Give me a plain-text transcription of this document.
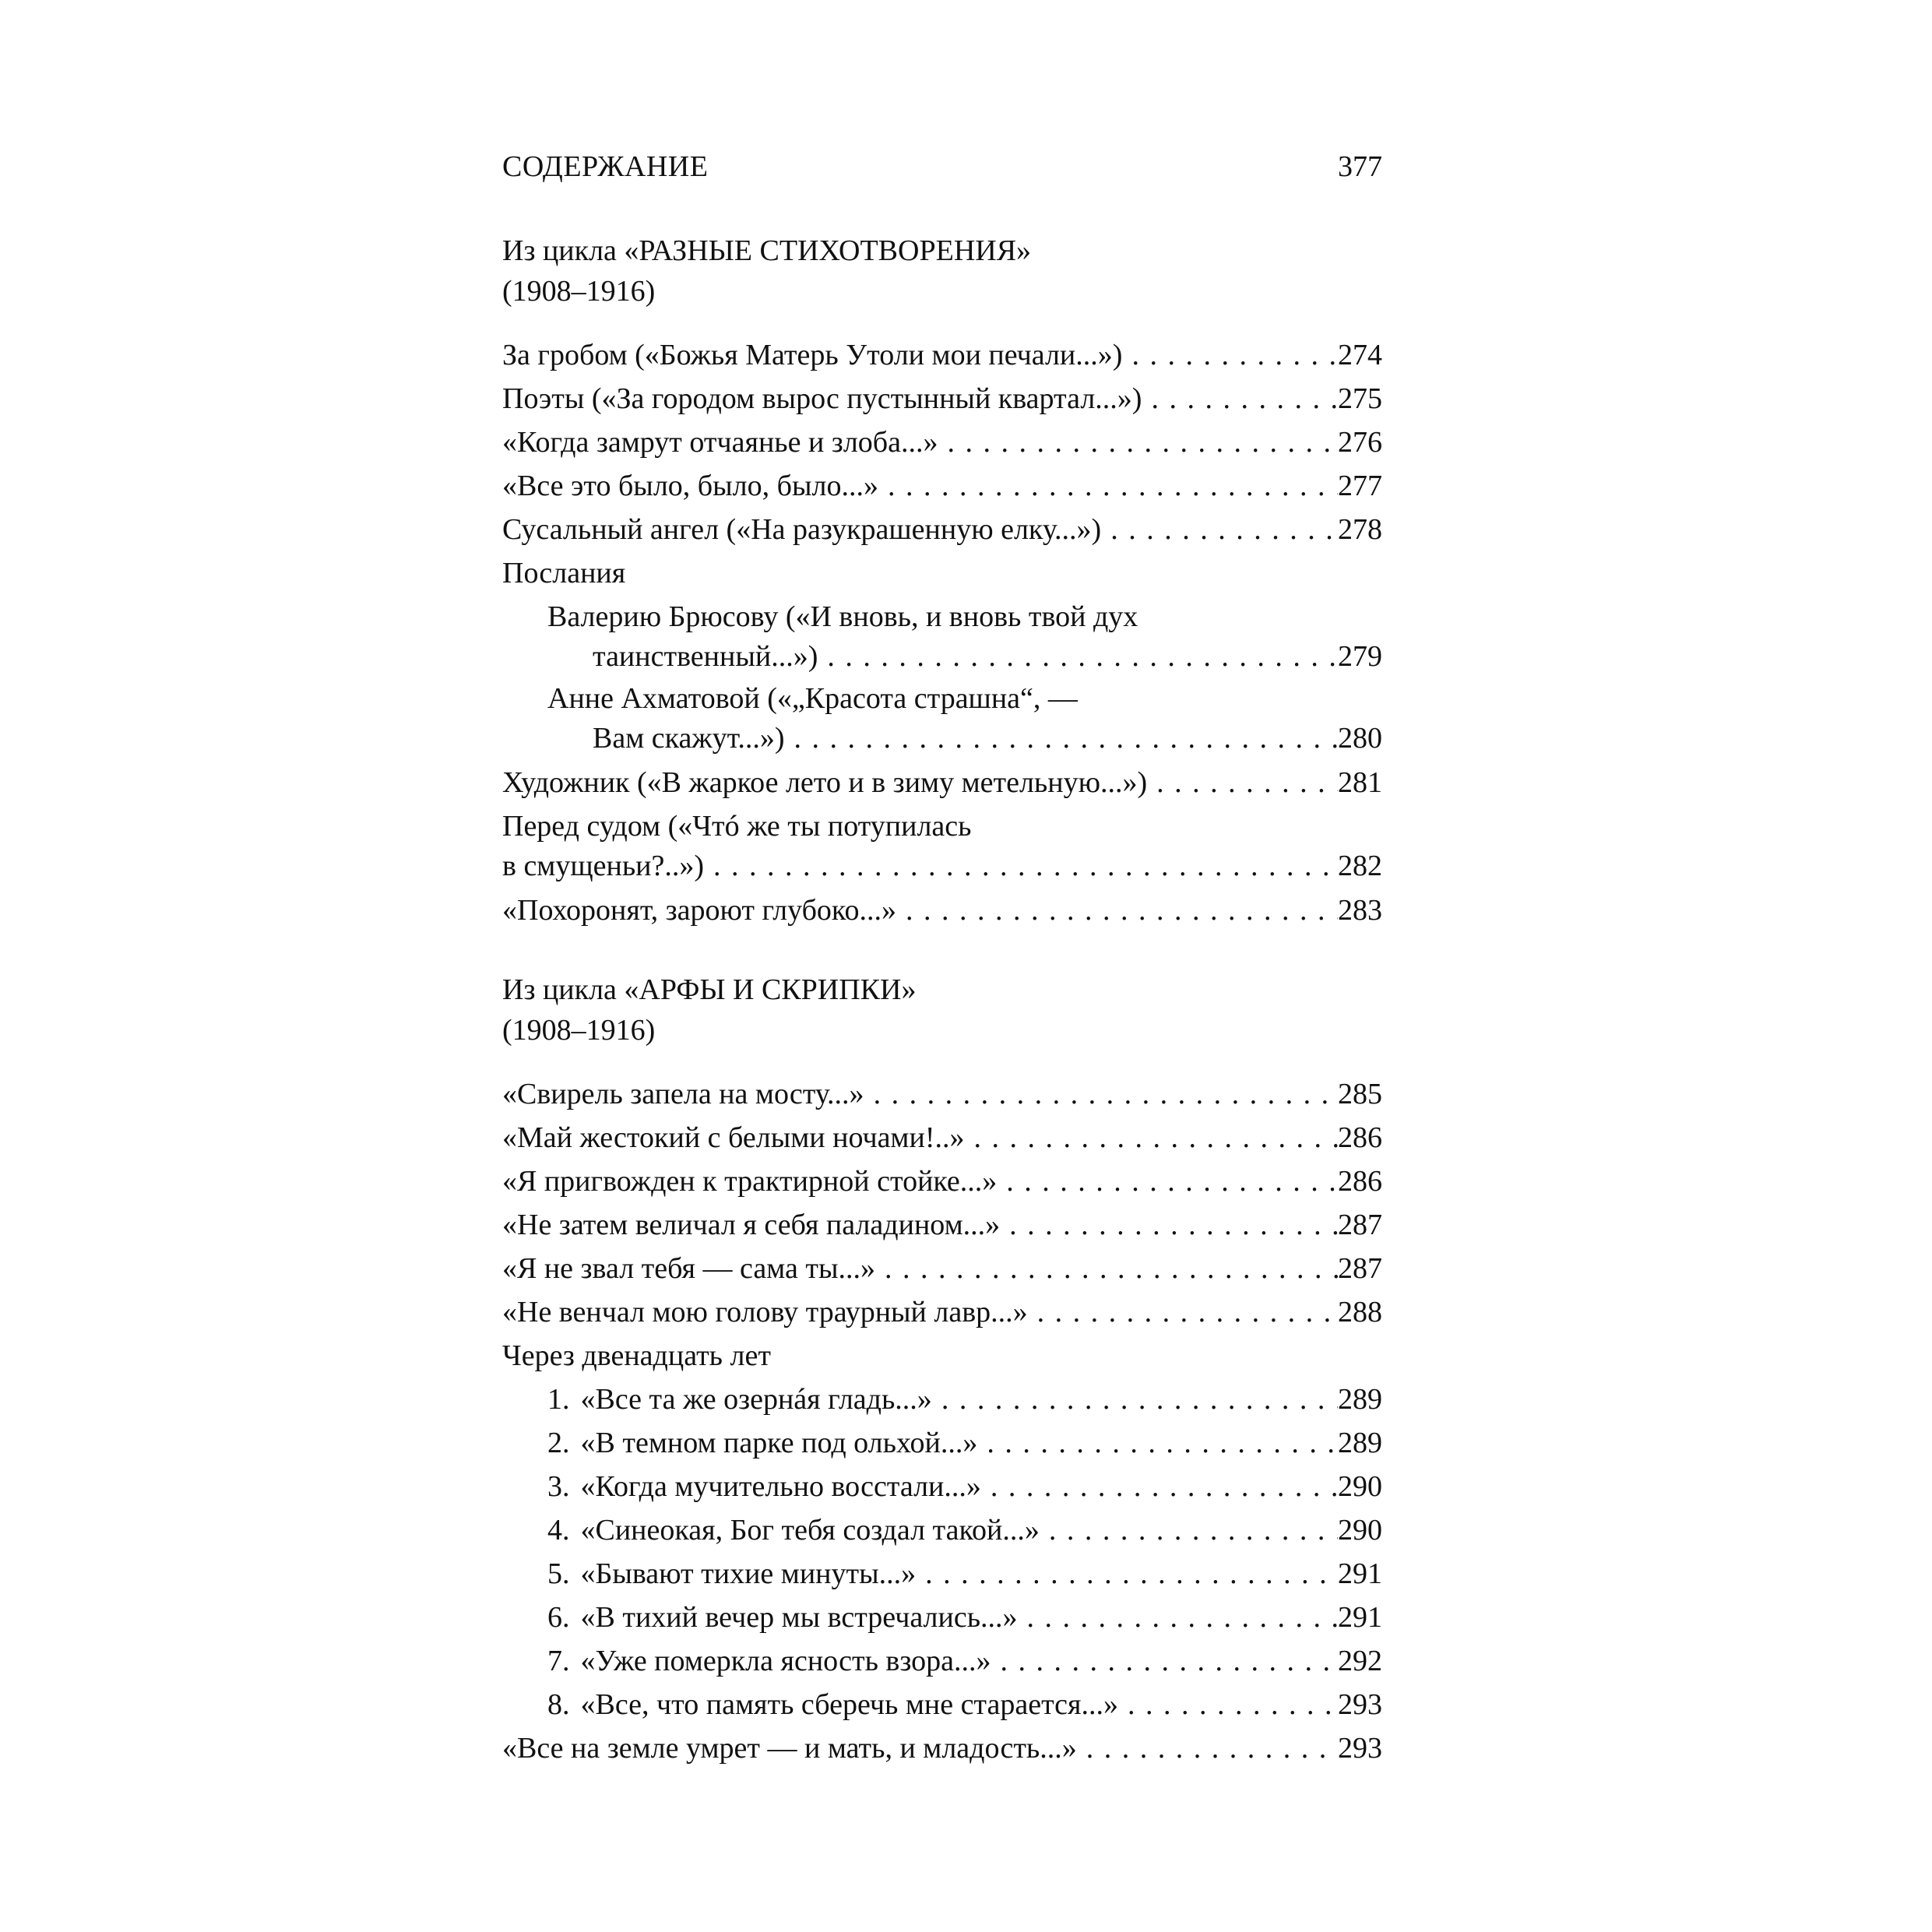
СОДЕРЖАНИЕ	377
Из цикла «РАЗНЫЕ СТИХОТВОРЕНИЯ»
(1908–1916)
За гробом («Божья Матерь Утоли мои печали...») . . .	274
Поэты («За городом вырос пустынный квартал...») . . .	275
«Когда замрут отчаянье и злоба...» . . .	276
«Все это было, было, было...» . . .	277
Сусальный ангел («На разукрашенную елку...») . . .	278
Послания
Валерию Брюсову («И вновь, и вновь твой дух
таинственный...») . . .	279
Анне Ахматовой («„Красота страшна“, —
Вам скажут...») . . .	280
Художник («В жаркое лето и в зиму метельную...») . . .	281
Перед судом («Чтó же ты потупилась
в смущеньи?..») . . .	282
«Похоронят, зароют глубоко...» . . .	283
Из цикла «АРФЫ И СКРИПКИ»
(1908–1916)
«Свирель запела на мосту...» . . .	285
«Май жестокий с белыми ночами!..» . . .	286
«Я пригвожден к трактирной стойке...» . . .	286
«Не затем величал я себя паладином...» . . .	287
«Я не звал тебя — сама ты...» . . .	287
«Не венчал мою голову траурный лавр...» . . .	288
Через двенадцать лет
1. «Все та же озернáя гладь...» . . .	289
2. «В темном парке под ольхой...» . . .	289
3. «Когда мучительно восстали...» . . .	290
4. «Синеокая, Бог тебя создал такой...» . . .	290
5. «Бывают тихие минуты...» . . .	291
6. «В тихий вечер мы встречались...» . . .	291
7. «Уже померкла ясность взора...» . . .	292
8. «Все, что память сберечь мне старается...» . . .	293
«Все на земле умрет — и мать, и младость...» . . .	293
